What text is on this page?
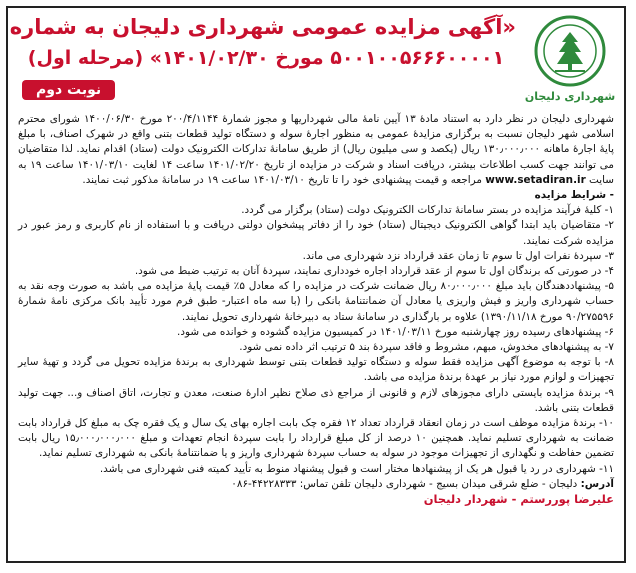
شهرداری دلیجان
«آگهی مزایده عمومی شهرداری دلیجان به شماره
۵۰۰۱۰۰۵۶۶۶۰۰۰۰۱ مورخ ۱۴۰۱/۰۲/۳۰» (مرحله اول)
نوبت دوم

شهرداری دلیجان در نظر دارد به استناد مادهٔ ۱۳ آیین نامهٔ مالی شهرداریها و مجوز شمارهٔ ۲۰۰/۴/۱۱۴۴ مورخ ۱۴۰۰/۰۶/۳۰ شورای محترم اسلامی شهر دلیجان نسبت به برگزاری مزایدهٔ عمومی به منظور اجارهٔ سوله و دستگاه تولید قطعات بتنی واقع در شهرک اصناف، با مبلغ پایهٔ اجارهٔ ماهانه ۱۳۰٫۰۰۰٫۰۰۰ ریال (یکصد و سی میلیون ریال) از طریق سامانهٔ تدارکات الکترونیک دولت (ستاد) اقدام نماید. لذا متقاضیان می توانند جهت کسب اطلاعات بیشتر، دریافت اسناد و شرکت در مزایده از تاریخ ۱۴۰۱/۰۲/۲۰ ساعت ۱۴ لغایت ۱۴۰۱/۰۳/۱۰ ساعت ۱۹ به سایت www.setadiran.ir مراجعه و قیمت پیشنهادی خود را تا تاریخ ۱۴۰۱/۰۳/۱۰ ساعت ۱۹ در سامانهٔ مذکور ثبت نمایند.

- شرایط مزایده

۱- کلیهٔ فرآیند مزایده در بستر سامانهٔ تدارکات الکترونیک دولت (ستاد) برگزار می گردد.

۲- متقاضیان باید ابتدا گواهی الکترونیک دیجیتال (ستاد) خود را از دفاتر پیشخوان دولتی دریافت و با استفاده از نام کاربری و رمز عبور در مزایده شرکت نمایند.

۳- سپردهٔ نفرات اول تا سوم تا زمان عقد قرارداد نزد شهرداری می ماند.

۴- در صورتی که برندگان اول تا سوم از عقد قرارداد اجاره خودداری نمایند، سپردهٔ آنان به ترتیب ضبط می شود.

۵- پیشنهاددهندگان باید مبلغ ۸۰٫۰۰۰٫۰۰۰ ریال ضمانت شرکت در مزایده را که معادل ۵٪ قیمت پایهٔ مزایده می باشد به صورت وجه نقد به حساب شهرداری واریز و فیش واریزی یا معادل آن ضمانتنامهٔ بانکی را (با سه ماه اعتبار- طبق فرم مورد تأیید بانک مرکزی نامهٔ شمارهٔ ۹۰/۲۷۵۵۹۶ مورخ ۱۳۹۰/۱۱/۱۸) علاوه بر بارگذاری در سامانهٔ ستاد به دبیرخانهٔ شهرداری تحویل نمایند.

۶- پیشنهادهای رسیده روز چهارشنبه مورخ ۱۴۰۱/۰۳/۱۱ در کمیسیون مزایده گشوده و خوانده می شود.

۷- به پیشنهادهای مخدوش، مبهم، مشروط و فاقد سپردهٔ بند ۵ ترتیب اثر داده نمی شود.

۸- با توجه به موضوع آگهی مزایده فقط سوله و دستگاه تولید قطعات بتنی توسط شهرداری به برندهٔ مزایده تحویل می گردد و تهیهٔ سایر تجهیزات و لوازم مورد نیاز بر عهدهٔ برندهٔ مزایده می باشد.

۹- برندهٔ مزایده بایستی دارای مجوزهای لازم و قانونی از مراجع ذی صلاح نظیر ادارهٔ صنعت، معدن و تجارت، اتاق اصناف و... جهت تولید قطعات بتنی باشد.

۱۰- برندهٔ مزایده موظف است در زمان انعقاد قرارداد تعداد ۱۲ فقره چک بابت اجاره بهای یک سال و یک فقره چک به مبلغ کل قرارداد بابت ضمانت به شهرداری تسلیم نماید. همچنین ۱۰ درصد از کل مبلغ قرارداد را بابت سپردهٔ انجام تعهدات و مبلغ ۱۵٫۰۰۰٫۰۰۰٫۰۰۰ ریال بابت تضمین حفاظت و نگهداری از تجهیزات موجود در سوله به حساب سپردهٔ شهرداری واریز و یا ضمانتنامهٔ بانکی به شهرداری تسلیم نماید.

۱۱- شهرداری در رد یا قبول هر یک از پیشنهادها مختار است و قبول پیشنهاد منوط به تأیید کمیته فنی شهرداری می باشد.

آدرس: دلیجان - ضلع شرقی میدان بسیج - شهرداری دلیجان تلفن تماس: ۴۴۲۲۸۳۳۳-۰۸۶

علیرضا پوررستم - شهردار دلیجان
